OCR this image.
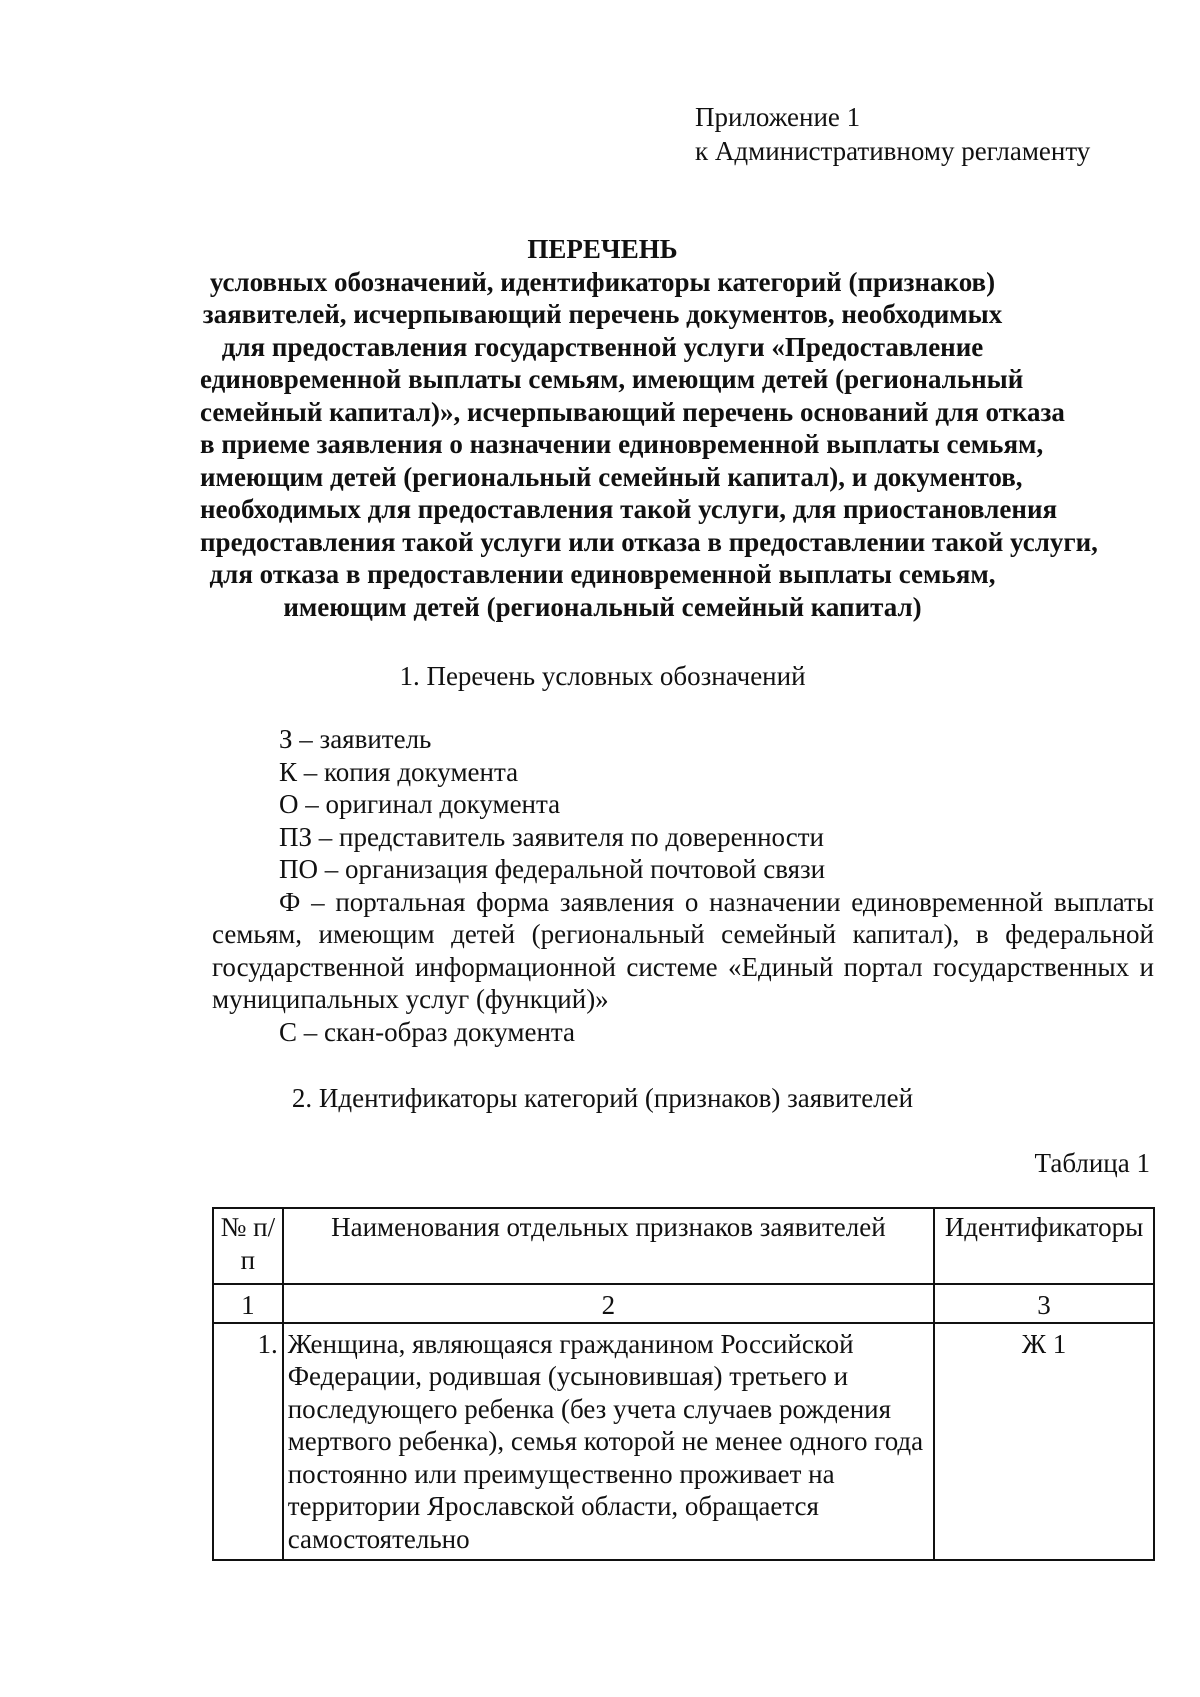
Приложение 1
к Административному регламенту
ПЕРЕЧЕНЬ
условных обозначений, идентификаторы категорий (признаков)
заявителей, исчерпывающий перечень документов, необходимых
для предоставления государственной услуги «Предоставление
единовременной выплаты семьям, имеющим детей (региональный
семейный капитал)», исчерпывающий перечень оснований для отказа
в приеме заявления о назначении единовременной выплаты семьям,
имеющим детей (региональный семейный капитал), и документов,
необходимых для предоставления такой услуги, для приостановления
предоставления такой услуги или отказа в предоставлении такой услуги,
для отказа в предоставлении единовременной выплаты семьям,
имеющим детей (региональный семейный капитал)
1. Перечень условных обозначений
З – заявитель
К – копия документа
О – оригинал документа
ПЗ – представитель заявителя по доверенности
ПО – организация федеральной почтовой связи
Ф – портальная форма заявления о назначении единовременной выплаты семьям, имеющим детей (региональный семейный капитал), в федеральной государственной информационной системе «Единый портал государственных и муниципальных услуг (функций)»
С – скан-образ документа
2. Идентификаторы категорий (признаков) заявителей
Таблица 1
№ п/п	Наименования отдельных признаков заявителей	Идентификаторы
1	2	3
1.	Женщина, являющаяся гражданином Российской Федерации, родившая (усыновившая) третьего и последующего ребенка (без учета случаев рождения мертвого ребенка), семья которой не менее одного года постоянно или преимущественно проживает на территории Ярославской области, обращается самостоятельно	Ж 1
